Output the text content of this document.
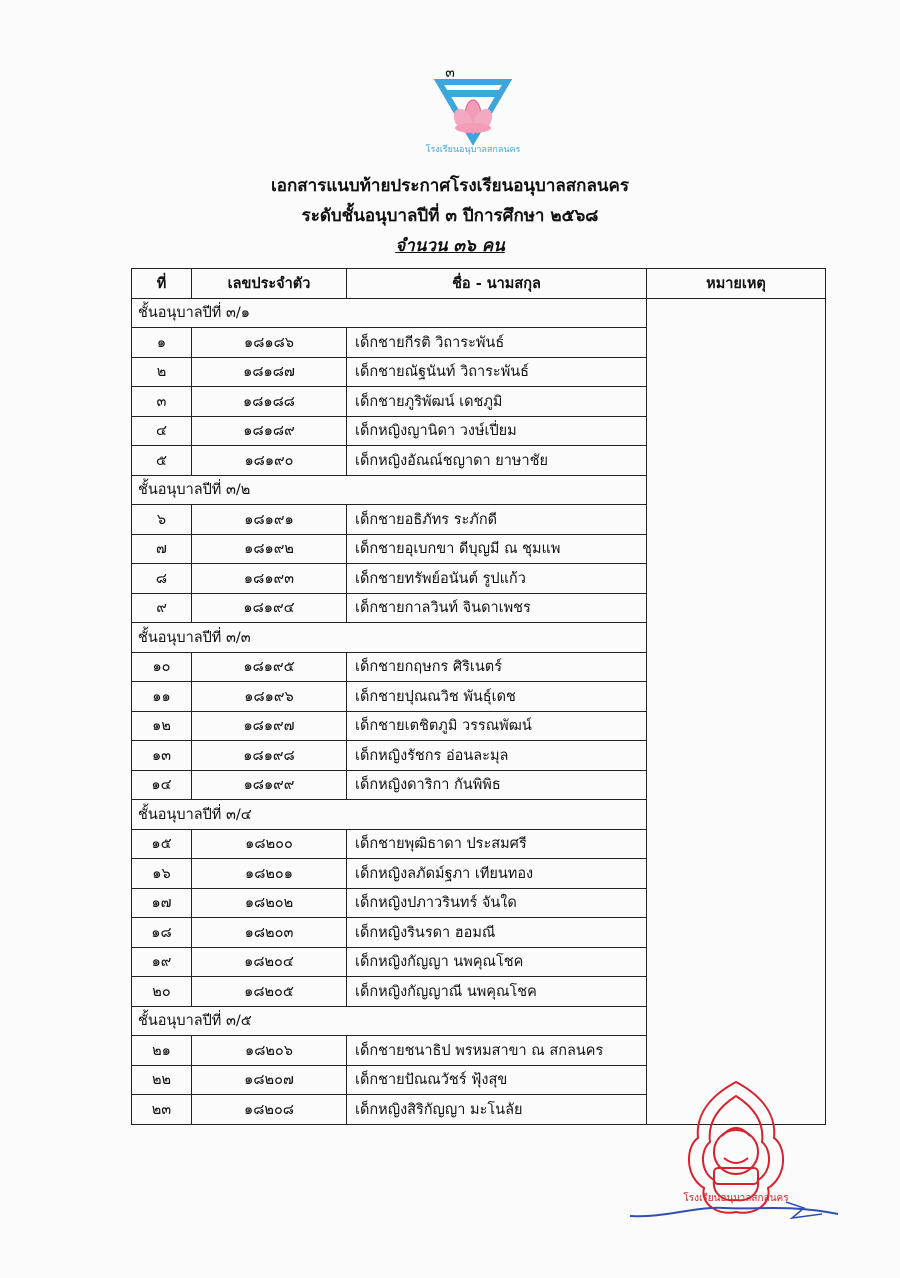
๓
โรงเรียนอนุบาลสกลนคร
เอกสารแนบท้ายประกาศโรงเรียนอนุบาลสกลนคร
ระดับชั้นอนุบาลปีที่ ๓ ปีการศึกษา ๒๕๖๘
จำนวน ๓๖ คน
ที่	เลขประจำตัว	ชื่อ - นามสกุล	หมายเหตุ
ชั้นอนุบาลปีที่ ๓/๑			
๑	๑๘๑๘๖	เด็กชายกีรติ วิถาระพันธ์	
๒	๑๘๑๘๗	เด็กชายณัฐนันท์ วิถาระพันธ์	
๓	๑๘๑๘๘	เด็กชายภูริพัฒน์ เดชภูมิ	
๔	๑๘๑๘๙	เด็กหญิงญานิดา วงษ์เปี่ยม	
๕	๑๘๑๙๐	เด็กหญิงอัณณ์ชญาดา ยาษาชัย	
ชั้นอนุบาลปีที่ ๓/๒			
๖	๑๘๑๙๑	เด็กชายอธิภัทร ระภักดี	
๗	๑๘๑๙๒	เด็กชายอุเบกขา ดีบุญมี ณ ชุมแพ	
๘	๑๘๑๙๓	เด็กชายทรัพย์อนันต์ รูปแก้ว	
๙	๑๘๑๙๔	เด็กชายกาลวินท์ จินดาเพชร	
ชั้นอนุบาลปีที่ ๓/๓			
๑๐	๑๘๑๙๕	เด็กชายกฤษกร ศิริเนตร์	
๑๑	๑๘๑๙๖	เด็กชายปุณณวิช พันธุ์เดช	
๑๒	๑๘๑๙๗	เด็กชายเตชิตภูมิ วรรณพัฒน์	
๑๓	๑๘๑๙๘	เด็กหญิงรัชกร อ่อนละมุล	
๑๔	๑๘๑๙๙	เด็กหญิงดาริกา กันพิพิธ	
ชั้นอนุบาลปีที่ ๓/๔			
๑๕	๑๘๒๐๐	เด็กชายพุฒิธาดา ประสมศรี	
๑๖	๑๘๒๐๑	เด็กหญิงลภัดม์ฐภา เทียนทอง	
๑๗	๑๘๒๐๒	เด็กหญิงปภาวรินทร์ จันใด	
๑๘	๑๘๒๐๓	เด็กหญิงรินรดา ฮอมณี	
๑๙	๑๘๒๐๔	เด็กหญิงกัญญา นพคุณโชค	
๒๐	๑๘๒๐๕	เด็กหญิงกัญญาณี นพคุณโชค	
ชั้นอนุบาลปีที่ ๓/๕			
๒๑	๑๘๒๐๖	เด็กชายชนาธิป พรหมสาขา ณ สกลนคร	
๒๒	๑๘๒๐๗	เด็กชายปัณณวัชร์ ฟุ้งสุข	
๒๓	๑๘๒๐๘	เด็กหญิงสิริกัญญา มะโนลัย	
โรงเรียนอนุบาลสกลนคร
